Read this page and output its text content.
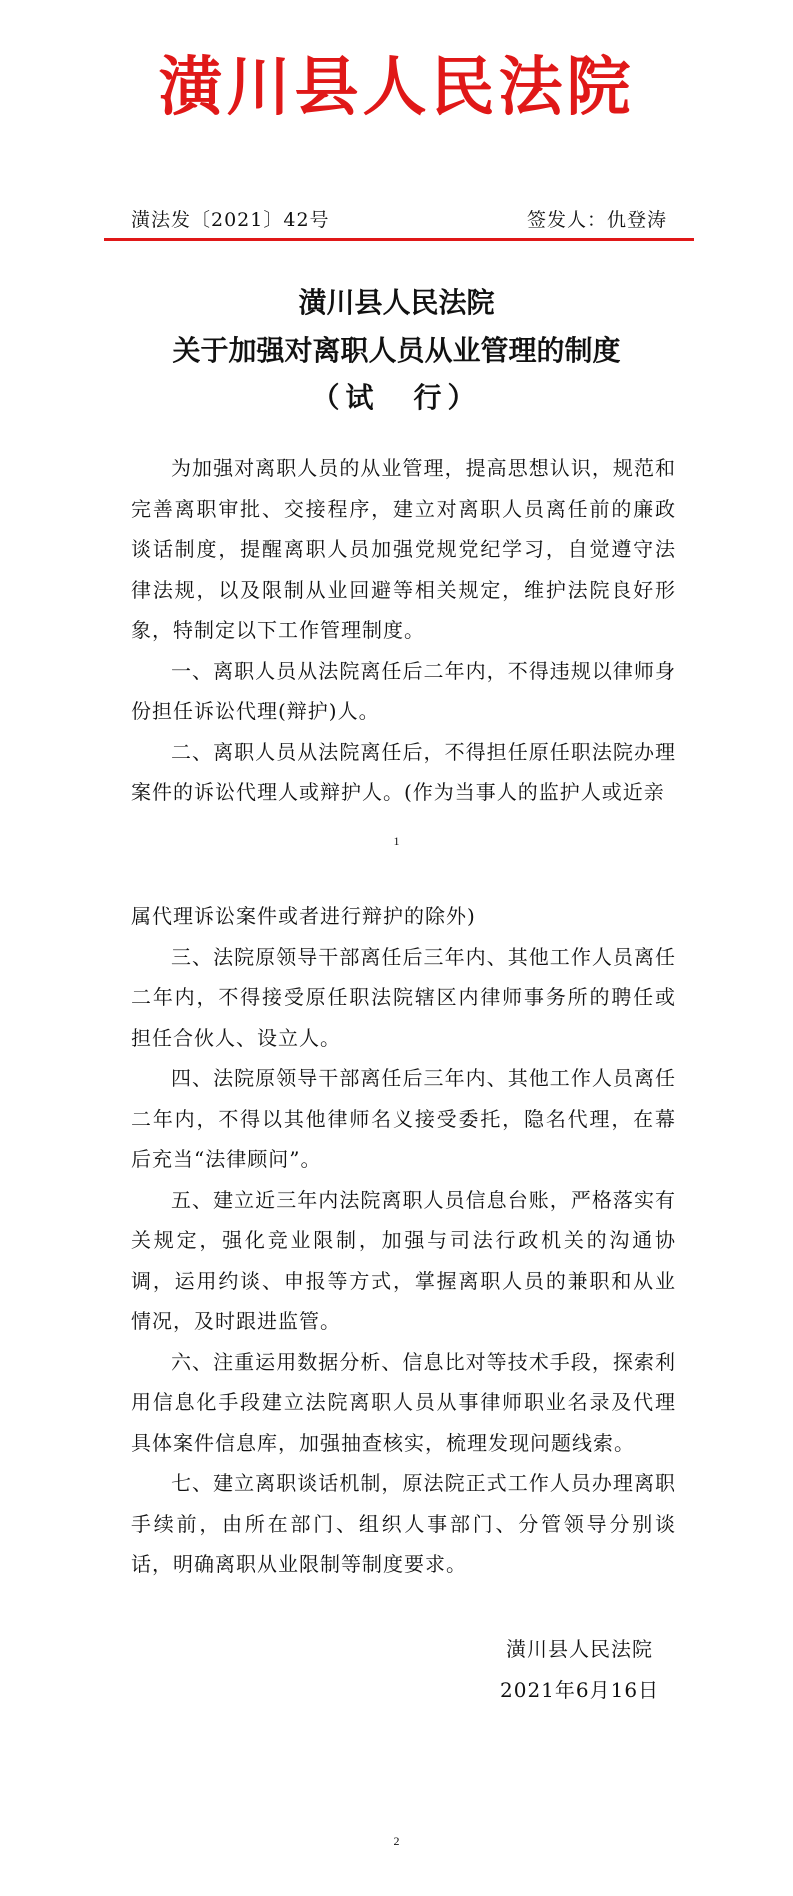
潢川县人民法院
潢法发〔2021〕42号	签发人：仇登涛
潢川县人民法院
关于加强对离职人员从业管理的制度
（试　行）

为加强对离职人员的从业管理，提高思想认识，规范和完善离职审批、交接程序，建立对离职人员离任前的廉政谈话制度，提醒离职人员加强党规党纪学习，自觉遵守法律法规，以及限制从业回避等相关规定，维护法院良好形象，特制定以下工作管理制度。

一、离职人员从法院离任后二年内，不得违规以律师身份担任诉讼代理(辩护)人。

二、离职人员从法院离任后，不得担任原任职法院办理案件的诉讼代理人或辩护人。(作为当事人的监护人或近亲

1

属代理诉讼案件或者进行辩护的除外)

三、法院原领导干部离任后三年内、其他工作人员离任二年内，不得接受原任职法院辖区内律师事务所的聘任或担任合伙人、设立人。

四、法院原领导干部离任后三年内、其他工作人员离任二年内，不得以其他律师名义接受委托，隐名代理，在幕后充当“法律顾问”。

五、建立近三年内法院离职人员信息台账，严格落实有关规定，强化竞业限制，加强与司法行政机关的沟通协调，运用约谈、申报等方式，掌握离职人员的兼职和从业情况，及时跟进监管。

六、注重运用数据分析、信息比对等技术手段，探索利用信息化手段建立法院离职人员从事律师职业名录及代理具体案件信息库，加强抽查核实，梳理发现问题线索。

七、建立离职谈话机制，原法院正式工作人员办理离职手续前，由所在部门、组织人事部门、分管领导分别谈话，明确离职从业限制等制度要求。

潢川县人民法院
2021年6月16日
2
